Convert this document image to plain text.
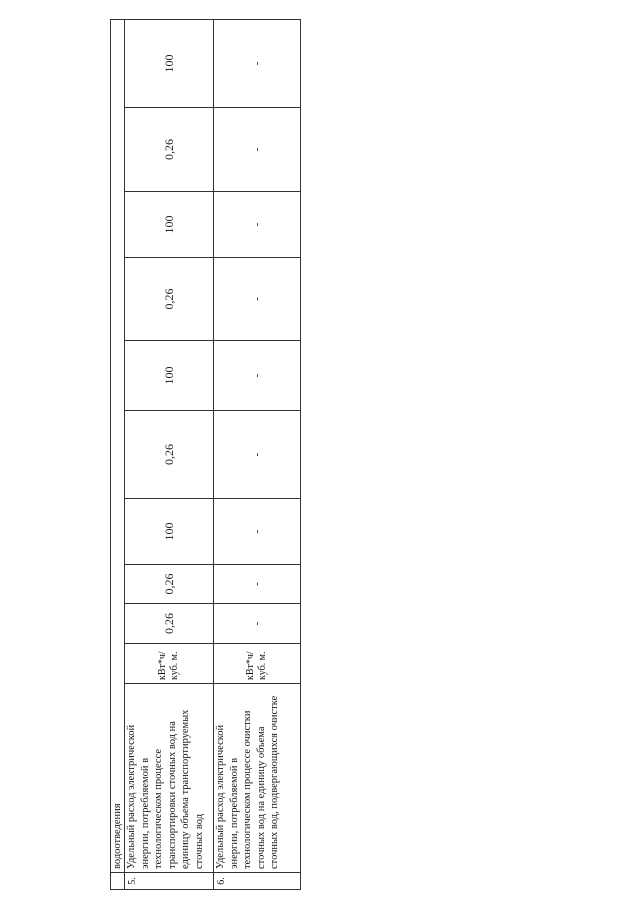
	водоотведения										
5.	Удельный расход электрической энергии, потребляемой в технологическом процессе транспортировки сточных вод на единицу объема транспортируемых сточных вод	кВт*ч/ куб. м.	0,26	0,26	100	0,26	100	0,26	100	0,26	100
6.	Удельный расход электрической энергии, потребляемой в технологическом процессе очистки сточных вод на единицу объема сточных вод, подвергающихся очистке	кВт*ч/ куб. м.	-	-	-	-	-	-	-	-	-
